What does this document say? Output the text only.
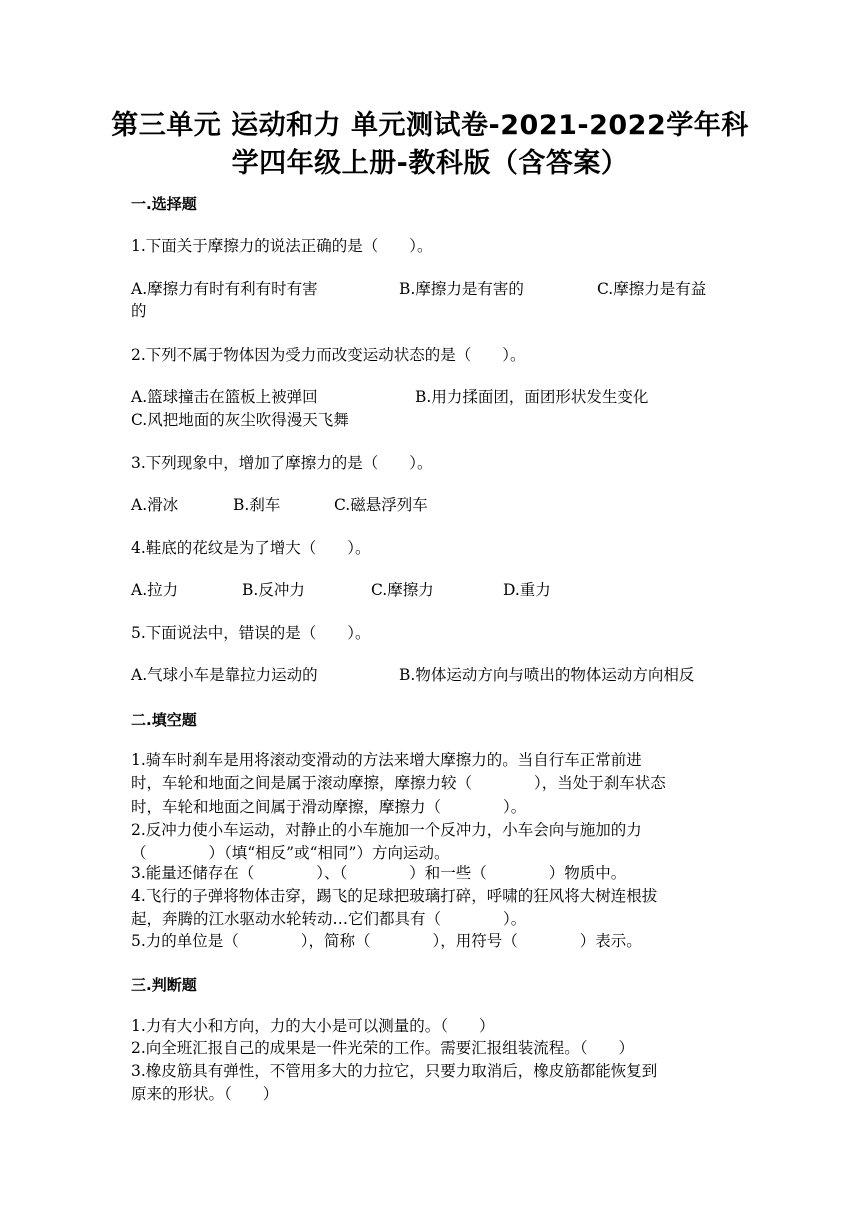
第三单元 运动和力 单元测试卷-2021-2022学年科
学四年级上册-教科版（含答案）
一.选择题
1.下面关于摩擦力的说法正确的是（　　）。
A.摩擦力有时有利有时有害	B.摩擦力是有害的	C.摩擦力是有益
的
2.下列不属于物体因为受力而改变运动状态的是（　　）。
A.篮球撞击在篮板上被弹回	B.用力揉面团，面团形状发生变化
C.风把地面的灰尘吹得漫天飞舞
3.下列现象中，增加了摩擦力的是（　　）。
A.滑冰	B.刹车	C.磁悬浮列车
4.鞋底的花纹是为了增大（　　）。
A.拉力	B.反冲力	C.摩擦力	D.重力
5.下面说法中，错误的是（　　）。
A.气球小车是靠拉力运动的	B.物体运动方向与喷出的物体运动方向相反
二.填空题
1.骑车时刹车是用将滚动变滑动的方法来增大摩擦力的。当自行车正常前进
时，车轮和地面之间是属于滚动摩擦，摩擦力较（　　　　），当处于刹车状态
时，车轮和地面之间属于滑动摩擦，摩擦力（　　　　）。
2.反冲力使小车运动，对静止的小车施加一个反冲力，小车会向与施加的力
（　　　　）（填“相反”或“相同”）方向运动。
3.能量还储存在（　　　　）、（　　　　）和一些（　　　　）物质中。
4.飞行的子弹将物体击穿，踢飞的足球把玻璃打碎，呼啸的狂风将大树连根拔
起，奔腾的江水驱动水轮转动…它们都具有（　　　　）。
5.力的单位是（　　　　），简称（　　　　），用符号（　　　　）表示。
三.判断题
1.力有大小和方向，力的大小是可以测量的。（　　）
2.向全班汇报自己的成果是一件光荣的工作。需要汇报组装流程。（　　）
3.橡皮筋具有弹性，不管用多大的力拉它，只要力取消后，橡皮筋都能恢复到
原来的形状。（　　）
